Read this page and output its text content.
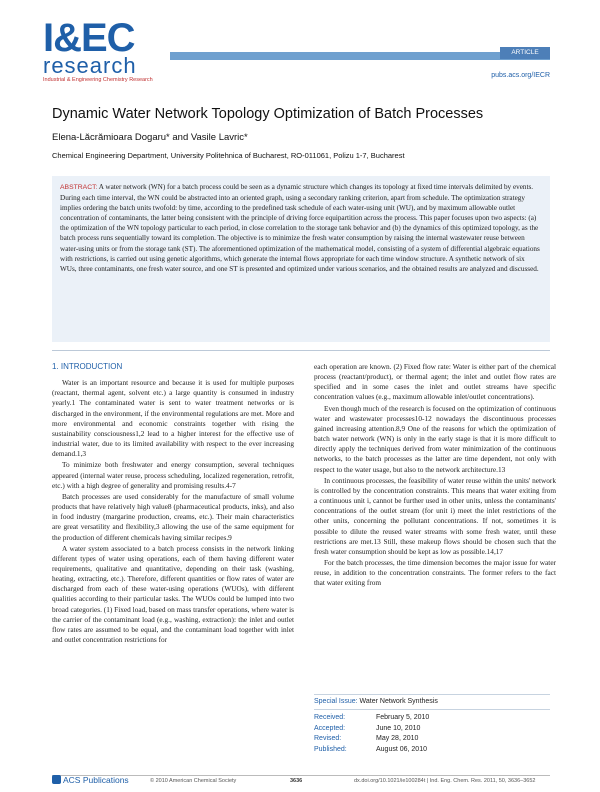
I&EC
research
Industrial & Engineering Chemistry Research
ARTICLE
pubs.acs.org/IECR
Dynamic Water Network Topology Optimization of Batch Processes
Elena-Lăcrămioara Dogaru* and Vasile Lavric*
Chemical Engineering Department, University Politehnica of Bucharest, RO-011061, Polizu 1-7, Bucharest
ABSTRACT: A water network (WN) for a batch process could be seen as a dynamic structure which changes its topology at fixed time intervals delimited by events. During each time interval, the WN could be abstracted into an oriented graph, using a secondary ranking criterion, apart from schedule. The optimization strategy implies ordering the batch units twofold: by time, according to the predefined task schedule of each water-using unit (WU), and by maximum allowable outlet concentration of contaminants, the latter being consistent with the principle of driving force equipartition across the process. This paper focuses upon two aspects: (a) the optimization of the WN topology particular to each period, in close correlation to the storage tank behavior and (b) the dynamics of this optimized topology, as the batch process runs sequentially toward its completion. The objective is to minimize the fresh water consumption by raising the internal wastewater reuse between water-using units or from the storage tank (ST). The aforementioned optimization of the mathematical model, consisting of a system of differential algebraic equations with restrictions, is carried out using genetic algorithms, which generate the internal flows appropriate for each time window structure. A synthetic network of six WUs, three contaminants, one fresh water source, and one ST is presented and optimized under various scenarios, and the obtained results are analyzed and discussed.
1. INTRODUCTION

Water is an important resource and because it is used for multiple purposes (reactant, thermal agent, solvent etc.) a large quantity is consumed in industry yearly.1 The contaminated water is sent to water treatment networks or is discharged in the environment, if the environmental regulations are met. More and more environmental and economic constraints together with rising the sustainability consciousness1,2 lead to a higher interest for the effective use of industrial water, due to its limited availability with respect to the ever increasing demand.1,3

To minimize both freshwater and energy consumption, several techniques appeared (internal water reuse, process scheduling, localized regeneration, retrofit, etc.) with a high degree of generality and promising results.4-7

Batch processes are used considerably for the manufacture of small volume products that have relatively high value8 (pharmaceutical products, inks), and also in food industry (margarine production, creams, etc.). Their main characteristics are great versatility and flexibility,3 allowing the use of the same equipment for the production of different chemicals having similar recipes.9

A water system associated to a batch process consists in the network linking different types of water using operations, each of them having different water requirements, qualitative and quantitative, depending on their task (washing, heating, extracting, etc.). Therefore, different quantities or flow rates of water are discharged from each of these water-using operations (WUOs), with different qualities according to their particular tasks. The WUOs could be lumped into two broad categories. (1) Fixed load, based on mass transfer operations, where water is the carrier of the contaminant load (e.g., washing, extraction): the inlet and outlet flow rates are assumed to be equal, and the contaminant load together with inlet and outlet concentration restrictions for

each operation are known. (2) Fixed flow rate: Water is either part of the chemical process (reactant/product), or thermal agent; the inlet and outlet flow rates are specified and in some cases the inlet and outlet streams have specific concentration values (e.g., maximum allowable inlet/outlet concentrations).

Even though much of the research is focused on the optimization of continuous water and wastewater processes10-12 nowadays the discontinuous processes gained increasing attention.8,9 One of the reasons for which the optimization of batch water network (WN) is only in the early stage is that it is more difficult to directly apply the techniques derived from water minimization of the continuous networks, to the batch processes as the latter are time dependent, not only with respect to the water usage, but also to the network architecture.13

In continuous processes, the feasibility of water reuse within the units' network is controlled by the concentration constraints. This means that water exiting from a continuous unit i, cannot be further used in other units, unless the contaminants' concentrations of the outlet stream (for unit i) meet the inlet restrictions of the other units, concerning the pollutant concentrations. If not, sometimes it is possible to dilute the reused water streams with some fresh water, until these restrictions are met.13 Still, these makeup flows should be chosen such that the fresh water consumption should be kept as low as possible.14,17

For the batch processes, the time dimension becomes the major issue for water reuse, in addition to the concentration constraints. The former refers to the fact that water exiting from

Special Issue: Water Network Synthesis
Received:	February 5, 2010
Accepted:	June 10, 2010
Revised:	May 28, 2010
Published:	August 06, 2010
ACS Publications	© 2010 American Chemical Society	3636	dx.doi.org/10.1021/ie100284t | Ind. Eng. Chem. Res. 2011, 50, 3636–3652
